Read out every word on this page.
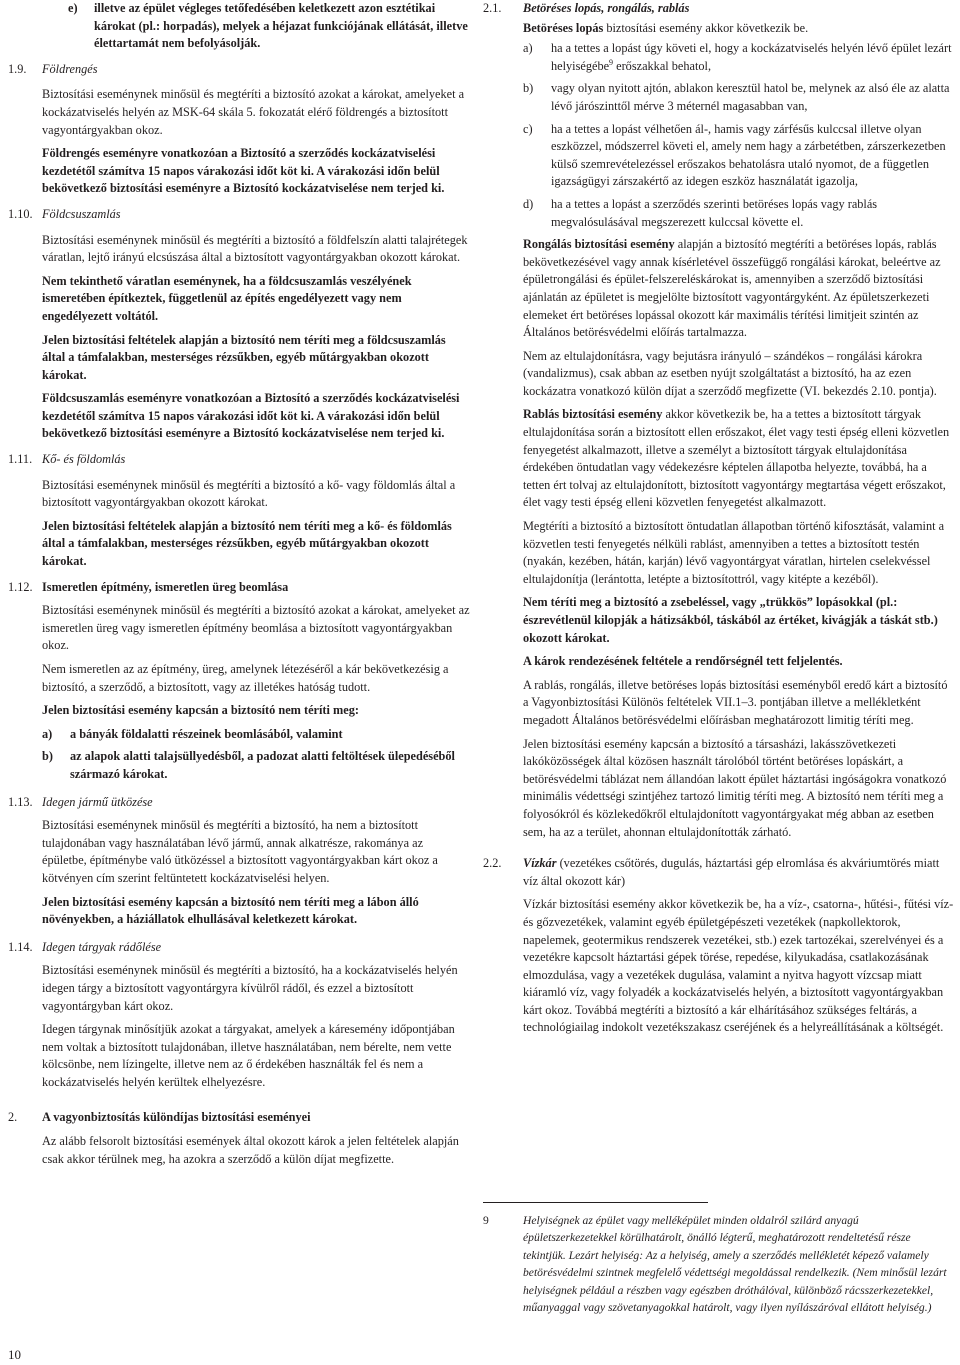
e)	illetve az épület végleges tetőfedésében keletkezett azon esztétikai károkat (pl.: horpadás), melyek a héjazat funkciójának ellátását, illetve élettartamát nem befolyásolják.

1.9. Földrengés

Biztosítási eseménynek minősül és megtéríti a biztosító azokat a károkat, amelyeket a kockázatviselés helyén az MSK-64 skála 5. fokozatát elérő földrengés a biztosított vagyontárgyakban okoz.

Földrengés eseményre vonatkozóan a Biztosító a szerződés kockázatviselési kezdetétől számítva 15 napos várakozási időt köt ki. A várakozási időn belül bekövetkező biztosítási eseményre a Biztosító kockázatviselése nem terjed ki.

1.10. Földcsuszamlás

Biztosítási eseménynek minősül és megtéríti a biztosító a földfelszín alatti talajrétegek váratlan, lejtő irányú elcsúszása által a biztosított vagyontárgyakban okozott károkat.

Nem tekinthető váratlan eseménynek, ha a földcsuszamlás veszélyének ismeretében építkeztek, függetlenül az építés engedélyezett vagy nem engedélyezett voltától.

Jelen biztosítási feltételek alapján a biztosító nem téríti meg a földcsuszamlás által a támfalakban, mesterséges rézsűkben, egyéb műtárgyakban okozott károkat.

Földcsuszamlás eseményre vonatkozóan a Biztosító a szerződés kockázatviselési kezdetétől számítva 15 napos várakozási időt köt ki. A várakozási időn belül bekövetkező biztosítási eseményre a Biztosító kockázatviselése nem terjed ki.

1.11. Kő- és földomlás

Biztosítási eseménynek minősül és megtéríti a biztosító a kő- vagy földomlás által a biztosított vagyontárgyakban okozott károkat.

Jelen biztosítási feltételek alapján a biztosító nem téríti meg a kő- és földomlás által a támfalakban, mesterséges rézsűkben, egyéb műtárgyakban okozott károkat.

1.12. Ismeretlen építmény, ismeretlen üreg beomlása

Biztosítási eseménynek minősül és megtéríti a biztosító azokat a károkat, amelyeket az ismeretlen üreg vagy ismeretlen építmény beomlása a biztosított vagyontárgyakban okoz.

Nem ismeretlen az az építmény, üreg, amelynek létezéséről a kár bekövetkezésig a biztosító, a szerződő, a biztosított, vagy az illetékes hatóság tudott.

Jelen biztosítási esemény kapcsán a biztosító nem téríti meg:

a) a bányák földalatti részeinek beomlásából, valamint
b) az alapok alatti talajsüllyedésből, a padozat alatti feltöltések ülepedéséből származó károkat.
1.13. Idegen jármű ütközése

Biztosítási eseménynek minősül és megtéríti a biztosító, ha nem a biztosított tulajdonában vagy használatában lévő jármű, annak alkatrésze, rakománya az épületbe, építménybe való ütközéssel a biztosított vagyontárgyakban kárt okoz a kötvényen cím szerint feltüntetett kockázatviselési helyen.

Jelen biztosítási esemény kapcsán a biztosító nem téríti meg a lábon álló növényekben, a háziállatok elhullásával keletkezett károkat.

1.14. Idegen tárgyak rádőlése

Biztosítási eseménynek minősül és megtéríti a biztosító, ha a kockázatviselés helyén idegen tárgy a biztosított vagyontárgyra kívülről rádől, és ezzel a biztosított vagyontárgyban kárt okoz.

Idegen tárgynak minősítjük azokat a tárgyakat, amelyek a káresemény időpontjában nem voltak a biztosított tulajdonában, illetve használatában, nem bérelte, nem vette kölcsönbe, nem lízingelte, illetve nem az ő érdekében használták fel és nem a kockázatviselés helyén kerültek elhelyezésre.

2. A vagyonbiztosítás különdíjas biztosítási eseményei

Az alább felsorolt biztosítási események által okozott károk a jelen feltételek alapján csak akkor térülnek meg, ha azokra a szerződő a külön díjat megfizette.

2.1. Betöréses lopás, rongálás, rablás

Betöréses lopás biztosítási esemény akkor következik be.

a) ha a tettes a lopást úgy követi el, hogy a kockázatviselés helyén lévő épület lezárt helyiségébe$^9$ erőszakkal behatol,
b) vagy olyan nyitott ajtón, ablakon keresztül hatol be, melynek az alsó éle az alatta lévő járószinttől mérve 3 méternél magasabban van,
c) ha a tettes a lopást vélhetően ál-, hamis vagy zárfésűs kulccsal illetve olyan eszközzel, módszerrel követi el, amely nem hagy a zárbetétben, zárszerkezetben külső szemrevételezéssel erőszakos behatolásra utaló nyomot, de a független igazságügyi zárszakértő az idegen eszköz használatát igazolja,
d) ha a tettes a lopást a szerződés szerinti betöréses lopás vagy rablás megvalósulásával megszerezett kulccsal követte el.

Rongálás biztosítási esemény alapján a biztosító megtéríti a betöréses lopás, rablás bekövetkezésével vagy annak kísérletével összefüggő rongálási károkat, beleértve az épületrongálási és épület-felszereléskárokat is, amennyiben a szerződő biztosítási ajánlatán az épületet is megjelölte biztosított vagyontárgyként. Az épületszerkezeti elemeket ért betöréses lopással okozott kár maximális térítési limitjeit szintén az Általános betörésvédelmi előírás tartalmazza.

Nem az eltulajdonításra, vagy bejutásra irányuló – szándékos – rongálási károkra (vandalizmus), csak abban az esetben nyújt szolgáltatást a biztosító, ha az ezen kockázatra vonatkozó külön díjat a szerződő megfizette (VI. bekezdés 2.10. pontja).

Rablás biztosítási esemény akkor következik be, ha a tettes a biztosított tárgyak eltulajdonítása során a biztosított ellen erőszakot, élet vagy testi épség elleni közvetlen fenyegetést alkalmazott, illetve a személyt a biztosított tárgyak eltulajdonítása érdekében öntudatlan vagy védekezésre képtelen állapotba helyezte, továbbá, ha a tetten ért tolvaj az eltulajdonított, biztosított vagyontárgy megtartása végett erőszakot, élet vagy testi épség elleni közvetlen fenyegetést alkalmazott.

Megtéríti a biztosító a biztosított öntudatlan állapotban történő kifosztását, valamint a közvetlen testi fenyegetés nélküli rablást, amennyiben a tettes a biztosított testén (nyakán, kezében, hátán, karján) lévő vagyontárgyat váratlan, hirtelen cselekvéssel eltulajdonítja (lerántotta, letépte a biztosítottról, vagy kitépte a kezéből).

Nem téríti meg a biztosító a zsebeléssel, vagy „trükkös” lopásokkal (pl.: észrevétlenül kilopják a hátizsákból, táskából az értéket, kivágják a táskát stb.) okozott károkat.

A károk rendezésének feltétele a rendőrségnél tett feljelentés.

A rablás, rongálás, illetve betöréses lopás biztosítási eseményből eredő kárt a biztosító a Vagyonbiztosítási Különös feltételek VII.1–3. pontjában illetve a mellékletként megadott Általános betörésvédelmi előírásban meghatározott limitig téríti meg.

Jelen biztosítási esemény kapcsán a biztosító a társasházi, lakásszövetkezeti lakóközösségek által közösen használt tárolóból történt betöréses lopáskárt, a betörésvédelmi táblázat nem állandóan lakott épület háztartási ingóságokra vonatkozó minimális védettségi szintjéhez tartozó limitig téríti meg. A biztosító nem téríti meg a folyosókról és közlekedőkről eltulajdonított vagyontárgyakat még abban az esetben sem, ha az a terület, ahonnan eltulajdonították zárható.

2.2. Vízkár (vezetékes csőtörés, dugulás, háztartási gép elromlása és akváriumtörés miatt víz által okozott kár)

Vízkár biztosítási esemény akkor következik be, ha a víz-, csatorna-, hűtési-, fűtési víz- és gőzvezetékek, valamint egyéb épületgépészeti vezetékek (napkollektorok, napelemek, geotermikus rendszerek vezetékei, stb.) ezek tartozékai, szerelvényei és a vezetékre kapcsolt háztartási gépek törése, repedése, kilyukadása, csatlakozásának elmozdulása, vagy a vezetékek dugulása, valamint a nyitva hagyott vízcsap miatt kiáramló víz, vagy folyadék a kockázatviselés helyén, a biztosított vagyontárgyakban kárt okoz. Továbbá megtéríti a biztosító a kár elhárításához szükséges feltárás, a technológiailag indokolt vezetékszakasz cseréjének és a helyreállításának a költségét.

9	Helyiségnek az épület vagy melléképület minden oldalról szilárd anyagú épületszerkezetekkel körülhatárolt, önálló légterű, meghatározott rendeltetésű része tekintjük. Lezárt helyiség: Az a helyiség, amely a szerződés mellékletét képező valamely betörésvédelmi szintnek megfelelő védettségi megoldással rendelkezik. (Nem minősül lezárt helyiségnek például a részben vagy egészben dróthálóval, különböző rácsszerkezetekkel, műanyaggal vagy szövetanyagokkal határolt, vagy ilyen nyílászáróval ellátott helyiség.)
10
